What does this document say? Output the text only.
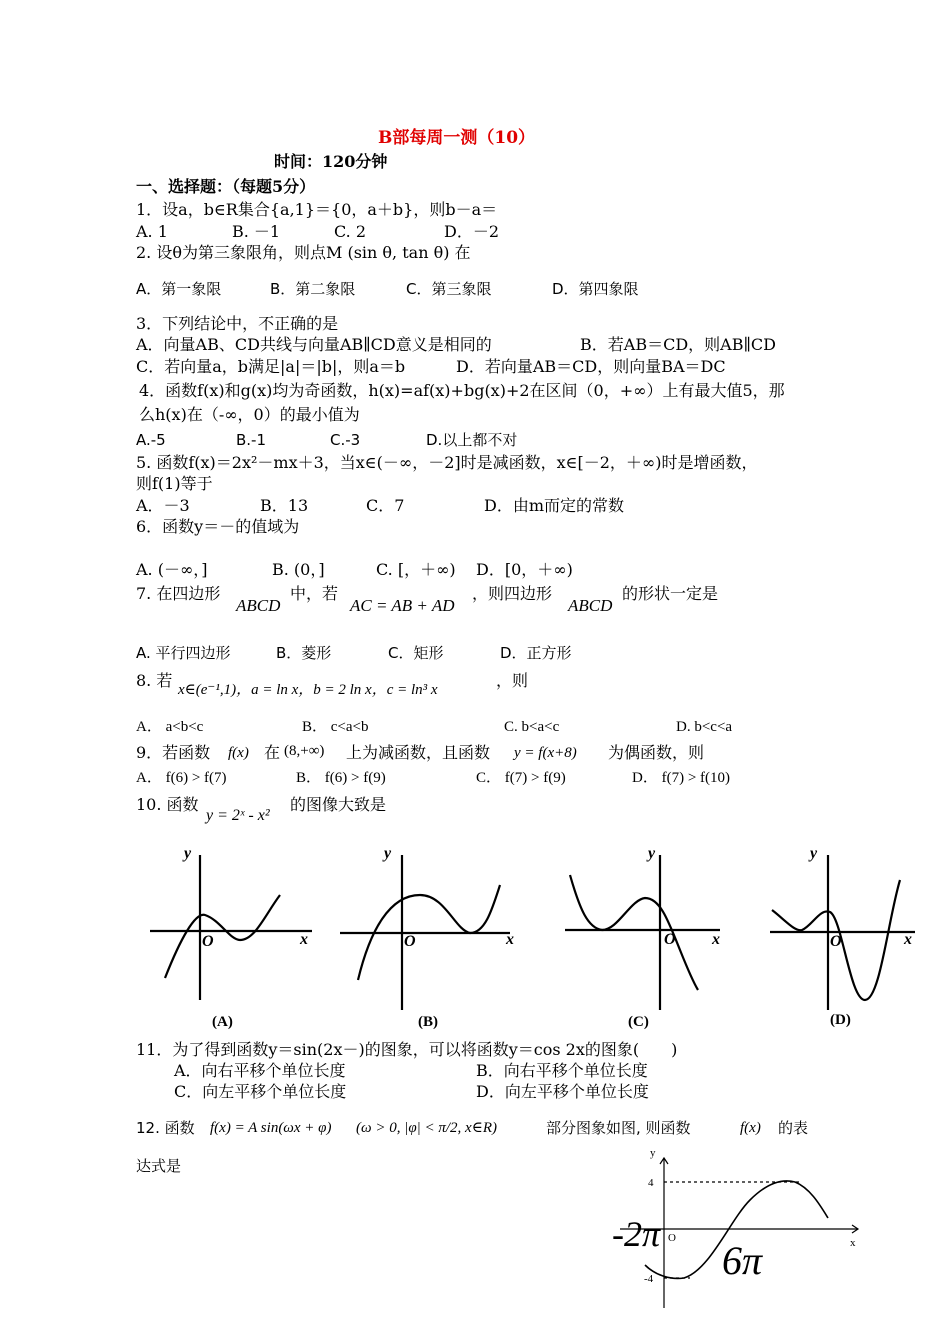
B部每周一测（10）
时间：120分钟
一、选择题：（每题5分）
1．设a，b∈R集合{a,1}＝{0，a＋b}，则b－a＝
A. 1	B. －1	C. 2	D．－2
2. 设θ为第三象限角，则点M (sin θ, tan θ) 在
A．第一象限	B．第二象限	C．第三象限	D．第四象限
3．下列结论中，不正确的是
A．向量AB、CD共线与向量AB∥CD意义是相同的	B．若AB＝CD，则AB∥CD
C．若向量a，b满足|a|＝|b|，则a＝b	D．若向量AB＝CD，则向量BA＝DC
4．函数f(x)和g(x)均为奇函数，h(x)=af(x)+bg(x)+2在区间（0，+∞）上有最大值5，那
么h(x)在（-∞，0）的最小值为
A.-5	B.-1	C.-3	D.以上都不对
5. 函数f(x)＝2x²－mx＋3，当x∈(－∞，－2]时是减函数，x∈[－2，＋∞)时是增函数，
则f(1)等于
A．－3	B．13	C．7	D．由m而定的常数
6．函数y＝－的值域为
A. (－∞，]	B. (0，]	C. [，＋∞) D．[0，＋∞)
7. 在四边形
ABCD
中，若
AC = AB + AD
，则四边形
ABCD
的形状一定是
A. 平行四边形	B．菱形	C．矩形	D．正方形
8. 若 x∈(e⁻¹,1)，a = ln x，b = 2 ln x，c = ln³ x	，则
A． a<b<c	B． c<a<b	C. b<a<c	D. b<c<a
9．若函数 f(x) 在 (8,+∞) 上为减函数，且函数 y = f(x+8) 为偶函数，则
A． f(6) > f(7)	B． f(6) > f(9)	C． f(7) > f(9)	D． f(7) > f(10)
10. 函数
y = 2ˣ - x²
的图像大致是
y
x
O
y
x
O
y
x
O
y
x
O
(A)	(B)	(C)	(D)
11．为了得到函数y＝sin(2x－)的图象，可以将函数y＝cos 2x的图象(　　)
A．向右平移个单位长度	B．向右平移个单位长度
C．向左平移个单位长度	D．向左平移个单位长度
12. 函数 f(x) = A sin(ωx + φ) (ω > 0, |φ| < π/2, x∈R)	部分图象如图, 则函数	f(x) 的表
达式是
y
x
O
4
-4
-2π
6π
